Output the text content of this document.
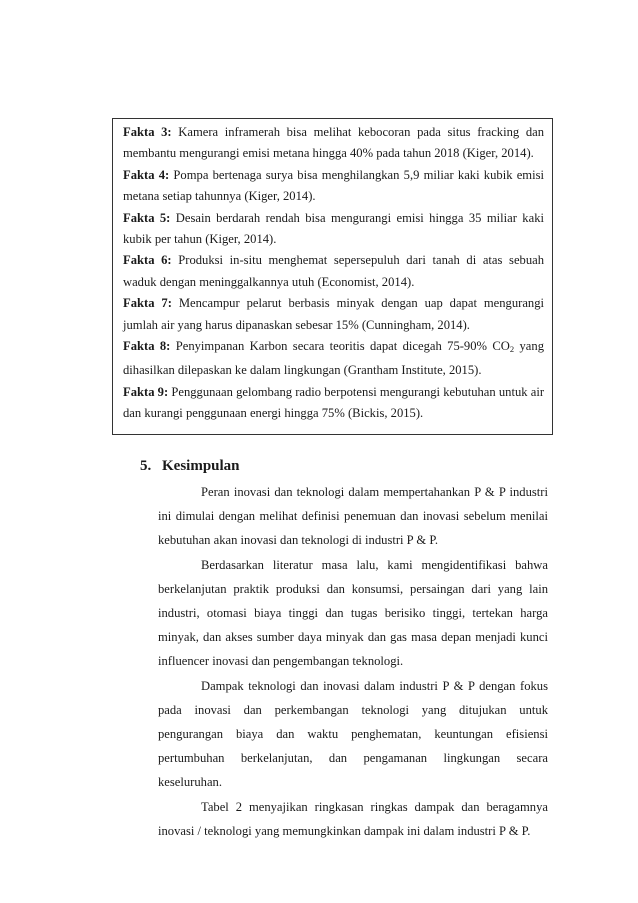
Fakta 3: Kamera inframerah bisa melihat kebocoran pada situs fracking dan membantu mengurangi emisi metana hingga 40% pada tahun 2018 (Kiger, 2014).

Fakta 4: Pompa bertenaga surya bisa menghilangkan 5,9 miliar kaki kubik emisi metana setiap tahunnya (Kiger, 2014).

Fakta 5: Desain berdarah rendah bisa mengurangi emisi hingga 35 miliar kaki kubik per tahun (Kiger, 2014).

Fakta 6: Produksi in-situ menghemat sepersepuluh dari tanah di atas sebuah waduk dengan meninggalkannya utuh (Economist, 2014).

Fakta 7: Mencampur pelarut berbasis minyak dengan uap dapat mengurangi jumlah air yang harus dipanaskan sebesar 15% (Cunningham, 2014).

Fakta 8: Penyimpanan Karbon secara teoritis dapat dicegah 75-90% $CO_2$ yang dihasilkan dilepaskan ke dalam lingkungan (Grantham Institute, 2015).

Fakta 9: Penggunaan gelombang radio berpotensi mengurangi kebutuhan untuk air dan kurangi penggunaan energi hingga 75% (Bickis, 2015).

5. Kesimpulan

Peran inovasi dan teknologi dalam mempertahankan P & P industri ini dimulai dengan melihat definisi penemuan dan inovasi sebelum menilai kebutuhan akan inovasi dan teknologi di industri P & P.

Berdasarkan literatur masa lalu, kami mengidentifikasi bahwa berkelanjutan praktik produksi dan konsumsi, persaingan dari yang lain industri, otomasi biaya tinggi dan tugas berisiko tinggi, tertekan harga minyak, dan akses sumber daya minyak dan gas masa depan menjadi kunci influencer inovasi dan pengembangan teknologi.

Dampak teknologi dan inovasi dalam industri P & P dengan fokus pada inovasi dan perkembangan teknologi yang ditujukan untuk pengurangan biaya dan waktu penghematan, keuntungan efisiensi pertumbuhan berkelanjutan, dan pengamanan lingkungan secara keseluruhan.

Tabel 2 menyajikan ringkasan ringkas dampak dan beragamnya inovasi / teknologi yang memungkinkan dampak ini dalam industri P & P.
